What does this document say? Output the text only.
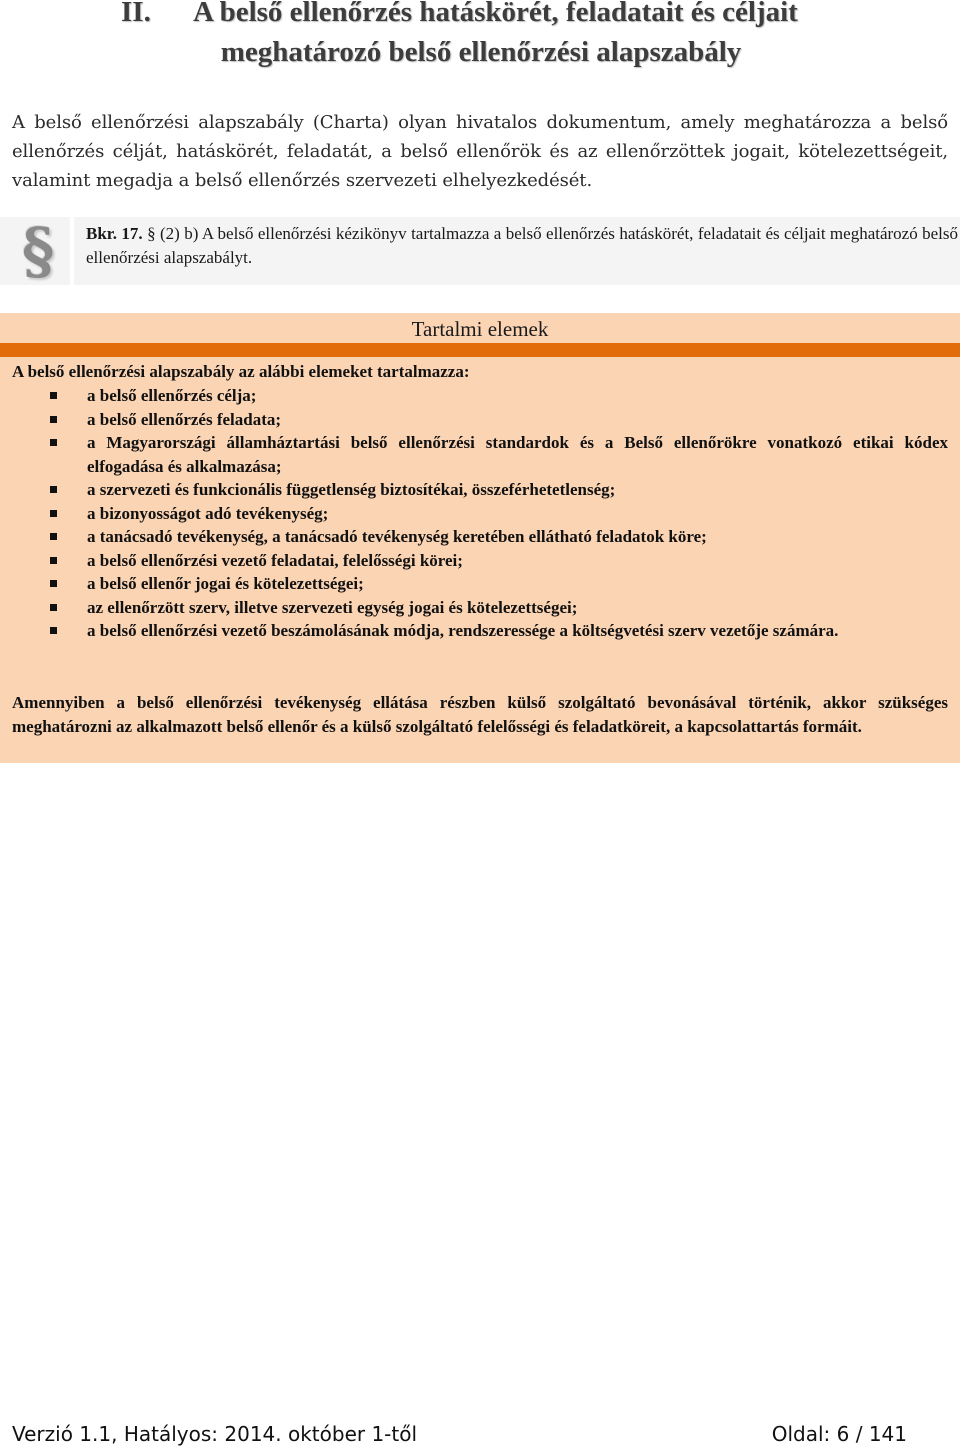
II. A belső ellenőrzés hatáskörét, feladatait és céljait
meghatározó belső ellenőrzési alapszabály

A belső ellenőrzési alapszabály (Charta) olyan hivatalos dokumentum, amely meghatározza a belső ellenőrzés célját, hatáskörét, feladatát, a belső ellenőrök és az ellenőrzöttek jogait, kötelezettségeit, valamint megadja a belső ellenőrzés szervezeti elhelyezkedését.

§	Bkr. 17. § (2) b) A belső ellenőrzési kézikönyv tartalmazza a belső ellenőrzés hatáskörét, feladatait és céljait meghatározó belső ellenőrzési alapszabályt.

Tartalmi elemek

A belső ellenőrzési alapszabály az alábbi elemeket tartalmazza:

a belső ellenőrzés célja;
a belső ellenőrzés feladata;
a Magyarországi államháztartási belső ellenőrzési standardok és a Belső ellenőrökre vonatkozó etikai kódex elfogadása és alkalmazása;
a szervezeti és funkcionális függetlenség biztosítékai, összeférhetetlenség;
a bizonyosságot adó tevékenység;
a tanácsadó tevékenység, a tanácsadó tevékenység keretében ellátható feladatok köre;
a belső ellenőrzési vezető feladatai, felelősségi körei;
a belső ellenőr jogai és kötelezettségei;
az ellenőrzött szerv, illetve szervezeti egység jogai és kötelezettségei;
a belső ellenőrzési vezető beszámolásának módja, rendszeressége a költségvetési szerv vezetője számára.

Amennyiben a belső ellenőrzési tevékenység ellátása részben külső szolgáltató bevonásával történik, akkor szükséges meghatározni az alkalmazott belső ellenőr és a külső szolgáltató felelősségi és feladatköreit, a kapcsolattartás formáit.

Verzió 1.1, Hatályos: 2014. október 1-től	Oldal: 6 / 141
